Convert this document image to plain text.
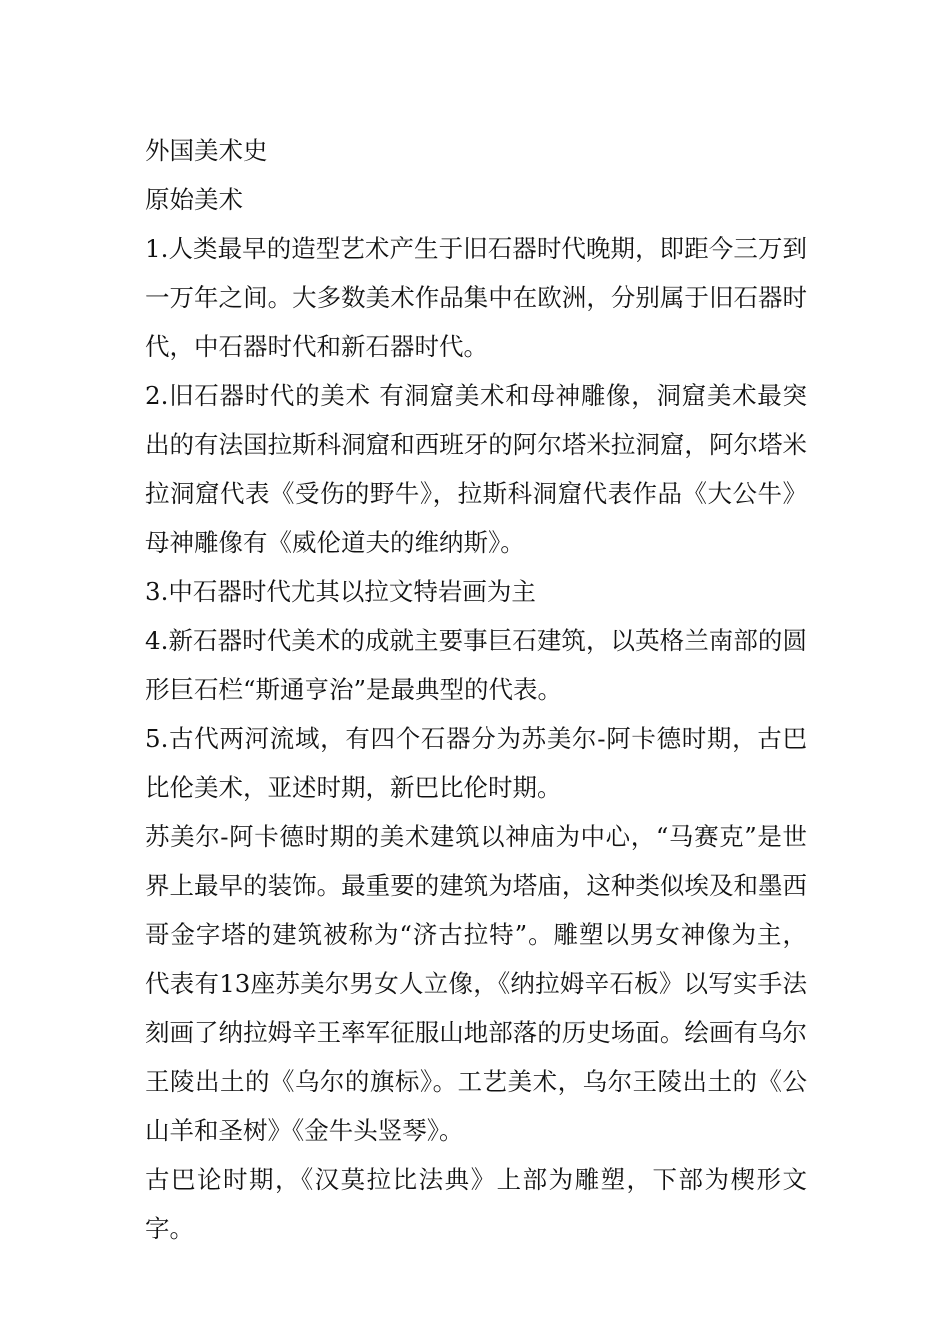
外国美术史

原始美术

1.人类最早的造型艺术产生于旧石器时代晚期，即距今三万到一万年之间。大多数美术作品集中在欧洲，分别属于旧石器时代，中石器时代和新石器时代。

2.旧石器时代的美术 有洞窟美术和母神雕像，洞窟美术最突出的有法国拉斯科洞窟和西班牙的阿尔塔米拉洞窟，阿尔塔米拉洞窟代表《受伤的野牛》，拉斯科洞窟代表作品《大公牛》母神雕像有《威伦道夫的维纳斯》。

3.中石器时代尤其以拉文特岩画为主

4.新石器时代美术的成就主要事巨石建筑，以英格兰南部的圆形巨石栏“斯通亨治”是最典型的代表。

5.古代两河流域，有四个石器分为苏美尔-阿卡德时期，古巴比伦美术，亚述时期，新巴比伦时期。

苏美尔-阿卡德时期的美术建筑以神庙为中心，“马赛克”是世界上最早的装饰。最重要的建筑为塔庙，这种类似埃及和墨西哥金字塔的建筑被称为“济古拉特”。雕塑以男女神像为主，代表有13座苏美尔男女人立像，《纳拉姆辛石板》以写实手法刻画了纳拉姆辛王率军征服山地部落的历史场面。绘画有乌尔王陵出土的《乌尔的旗标》。工艺美术，乌尔王陵出土的《公山羊和圣树》《金牛头竖琴》。

古巴论时期，《汉莫拉比法典》上部为雕塑，下部为楔形文字。
